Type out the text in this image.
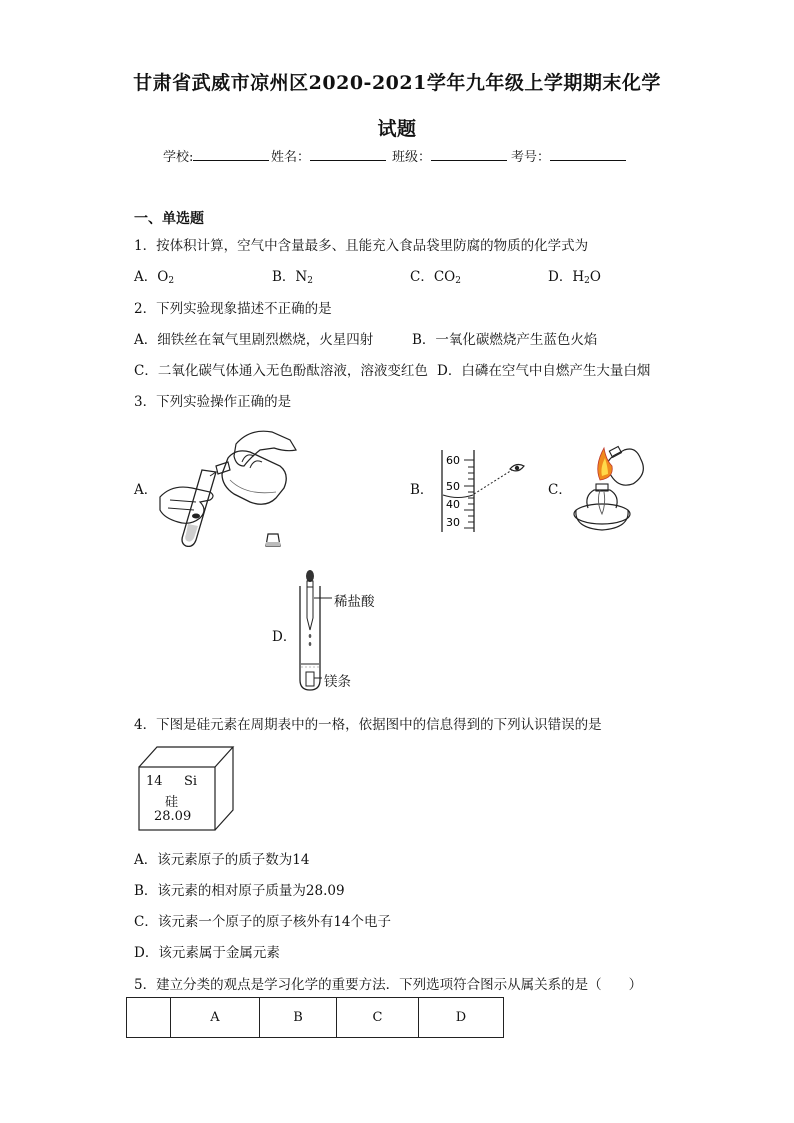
甘肃省武威市凉州区2020-2021学年九年级上学期期末化学
试题
学校:	姓名：	班级：	考号：
一、单选题
1．按体积计算，空气中含量最多、且能充入食品袋里防腐的物质的化学式为
A．$O_2$	B．$N_2$	C．$CO_2$	D．$H_2O$
2．下列实验现象描述不正确的是
A．细铁丝在氧气里剧烈燃烧，火星四射	B．一氧化碳燃烧产生蓝色火焰
C．二氧化碳气体通入无色酚酞溶液，溶液变红色 D．白磷在空气中自燃产生大量白烟
3．下列实验操作正确的是
A．	B．
60
50
40
30
C．
D．
稀盐酸
镁条
4．下图是硅元素在周期表中的一格，依据图中的信息得到的下列认识错误的是
14 Si
硅
28.09
A．该元素原子的质子数为14
B．该元素的相对原子质量为28.09
C．该元素一个原子的原子核外有14个电子
D．该元素属于金属元素
5．建立分类的观点是学习化学的重要方法．下列选项符合图示从属关系的是（　　）
	A	B	C	D
